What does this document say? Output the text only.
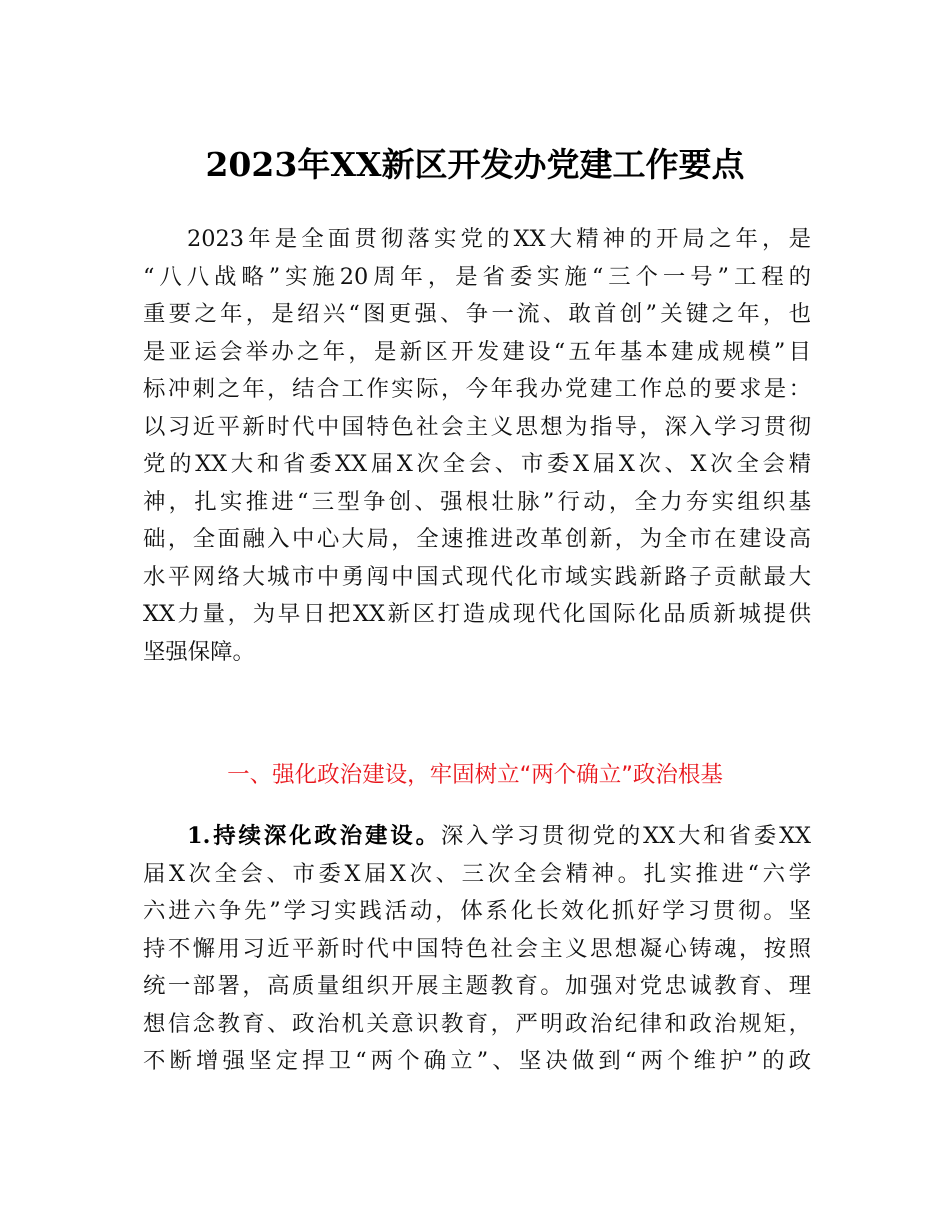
2023年XX新区开发办党建工作要点
2023年是全面贯彻落实党的XX大精神的开局之年，是
“八八战略”实施20周年，是省委实施“三个一号”工程的
重要之年，是绍兴“图更强、争一流、敢首创”关键之年，也
是亚运会举办之年，是新区开发建设“五年基本建成规模”目
标冲刺之年，结合工作实际，今年我办党建工作总的要求是：
以习近平新时代中国特色社会主义思想为指导，深入学习贯彻
党的XX大和省委XX届X次全会、市委X届X次、X次全会精
神，扎实推进“三型争创、强根壮脉”行动，全力夯实组织基
础，全面融入中心大局，全速推进改革创新，为全市在建设高
水平网络大城市中勇闯中国式现代化市域实践新路子贡献最大
XX力量，为早日把XX新区打造成现代化国际化品质新城提供
坚强保障。
一、强化政治建设，牢固树立“两个确立”政治根基
1.持续深化政治建设。深入学习贯彻党的XX大和省委XX
届X次全会、市委X届X次、三次全会精神。扎实推进“六学
六进六争先”学习实践活动，体系化长效化抓好学习贯彻。坚
持不懈用习近平新时代中国特色社会主义思想凝心铸魂，按照
统一部署，高质量组织开展主题教育。加强对党忠诚教育、理
想信念教育、政治机关意识教育，严明政治纪律和政治规矩，
不断增强坚定捍卫“两个确立”、坚决做到“两个维护”的政
